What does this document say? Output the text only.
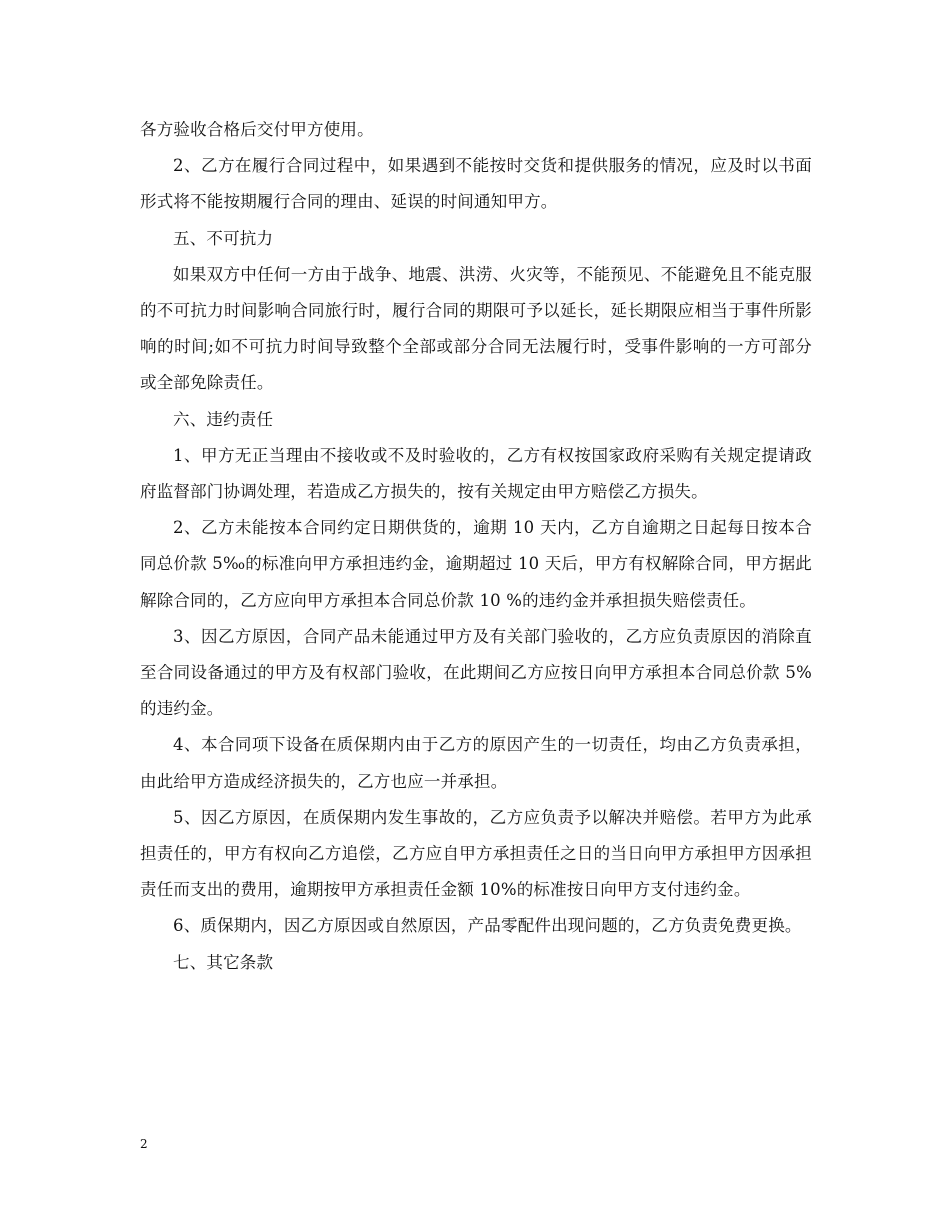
各方验收合格后交付甲方使用。

2、乙方在履行合同过程中，如果遇到不能按时交货和提供服务的情况，应及时以书面形式将不能按期履行合同的理由、延误的时间通知甲方。

五、不可抗力

如果双方中任何一方由于战争、地震、洪涝、火灾等，不能预见、不能避免且不能克服的不可抗力时间影响合同旅行时，履行合同的期限可予以延长，延长期限应相当于事件所影响的时间;如不可抗力时间导致整个全部或部分合同无法履行时，受事件影响的一方可部分或全部免除责任。

六、违约责任

1、甲方无正当理由不接收或不及时验收的，乙方有权按国家政府采购有关规定提请政府监督部门协调处理，若造成乙方损失的，按有关规定由甲方赔偿乙方损失。

2、乙方未能按本合同约定日期供货的，逾期 10 天内，乙方自逾期之日起每日按本合同总价款 5‰的标准向甲方承担违约金，逾期超过 10 天后，甲方有权解除合同，甲方据此解除合同的，乙方应向甲方承担本合同总价款 10 %的违约金并承担损失赔偿责任。

3、因乙方原因，合同产品未能通过甲方及有关部门验收的，乙方应负责原因的消除直至合同设备通过的甲方及有权部门验收，在此期间乙方应按日向甲方承担本合同总价款 5%的违约金。

4、本合同项下设备在质保期内由于乙方的原因产生的一切责任，均由乙方负责承担，由此给甲方造成经济损失的，乙方也应一并承担。

5、因乙方原因，在质保期内发生事故的，乙方应负责予以解决并赔偿。若甲方为此承担责任的，甲方有权向乙方追偿，乙方应自甲方承担责任之日的当日向甲方承担甲方因承担责任而支出的费用，逾期按甲方承担责任金额 10%的标准按日向甲方支付违约金。

6、质保期内，因乙方原因或自然原因，产品零配件出现问题的，乙方负责免费更换。

七、其它条款

2
